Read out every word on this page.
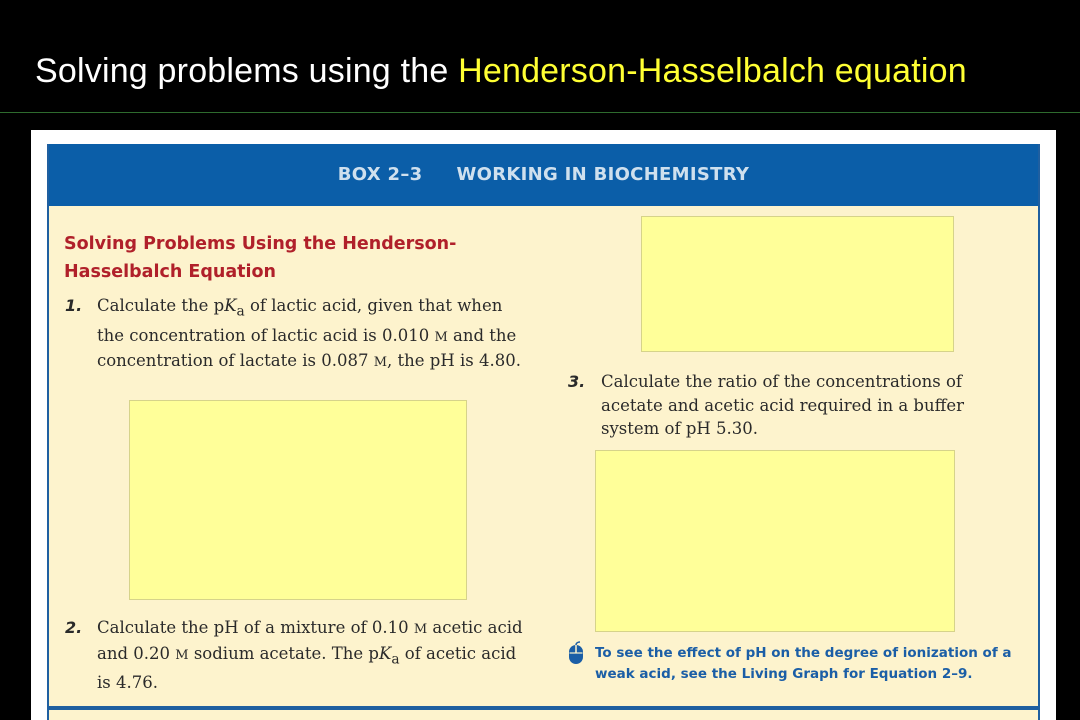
Solving problems using the Henderson-Hasselbalch equation
BOX 2–3 WORKING IN BIOCHEMISTRY
Solving Problems Using the Henderson-
Hasselbalch Equation
1. Calculate the $pK_a$ of lactic acid, given that when the concentration of lactic acid is 0.010 M and the concentration of lactate is 0.087 M, the pH is 4.80.
2. Calculate the pH of a mixture of 0.10 M acetic acid and 0.20 M sodium acetate. The $pK_a$ of acetic acid is 4.76.
3. Calculate the ratio of the concentrations of acetate and acetic acid required in a buffer system of pH 5.30.
To see the effect of pH on the degree of ionization of a weak acid, see the Living Graph for Equation 2–9.
